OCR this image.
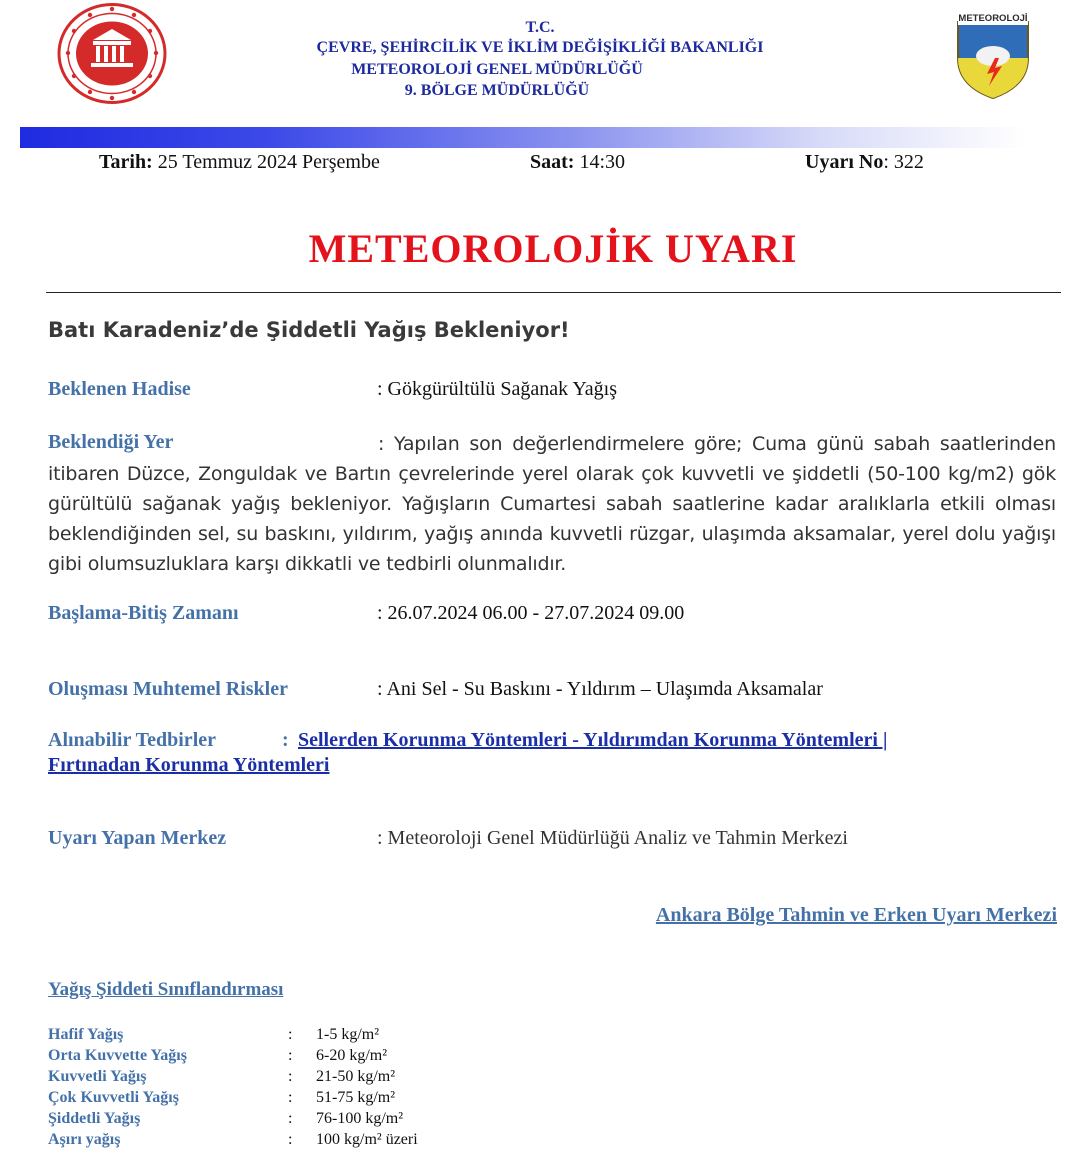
T.C.
ÇEVRE, ŞEHİRCİLİK VE İKLİM DEĞİŞİKLİĞİ BAKANLIĞI
METEOROLOJİ GENEL MÜDÜRLÜĞÜ
9. BÖLGE MÜDÜRLÜĞÜ
METEOROLOJİ
Tarih: 25 Temmuz 2024 Perşembe	Saat: 14:30	Uyarı No: 322
METEOROLOJİK UYARI
Batı Karadeniz’de Şiddetli Yağış Bekleniyor!
Beklenen Hadise	: Gökgürültülü Sağanak Yağış
Beklendiği Yer	: Yapılan son değerlendirmelere göre; Cuma günü sabah saatlerinden itibaren Düzce, Zonguldak ve Bartın çevrelerinde yerel olarak çok kuvvetli ve şiddetli (50-100 kg/m2) gök gürültülü sağanak yağış bekleniyor. Yağışların Cumartesi sabah saatlerine kadar aralıklarla etkili olması beklendiğinden sel, su baskını, yıldırım, yağış anında kuvvetli rüzgar, ulaşımda aksamalar, yerel dolu yağışı gibi olumsuzluklara karşı dikkatli ve tedbirli olunmalıdır.
Başlama-Bitiş Zamanı	: 26.07.2024 06.00 - 27.07.2024 09.00
Oluşması Muhtemel Riskler	: Ani Sel - Su Baskını - Yıldırım – Ulaşımda Aksamalar
Alınabilir Tedbirler	: Sellerden Korunma Yöntemleri - Yıldırımdan Korunma Yöntemleri |
Fırtınadan Korunma Yöntemleri
Uyarı Yapan Merkez	: Meteoroloji Genel Müdürlüğü Analiz ve Tahmin Merkezi
Ankara Bölge Tahmin ve Erken Uyarı Merkezi
Yağış Şiddeti Sınıflandırması
Hafif Yağış	: 1-5 kg/m²
Orta Kuvvette Yağış	: 6-20 kg/m²
Kuvvetli Yağış	: 21-50 kg/m²
Çok Kuvvetli Yağış	: 51-75 kg/m²
Şiddetli Yağış	: 76-100 kg/m²
Aşırı yağış	: 100 kg/m² üzeri
